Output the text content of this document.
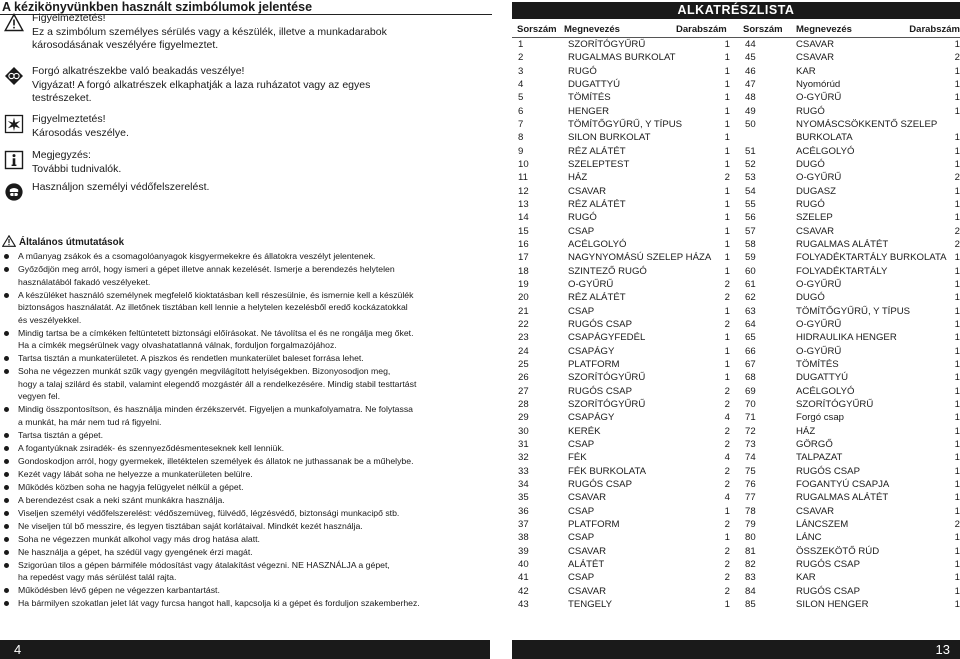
A kézikönyvünkben használt szimbólumok jelentése
Figyelmeztetés!
Ez a szimbólum személyes sérülés vagy a készülék, illetve a munkadarabok
károsodásának veszélyére figyelmeztet.
Forgó alkatrészekbe való beakadás veszélye!
Vigyázat! A forgó alkatrészek elkaphatják a laza ruházatot vagy az egyes
testrészeket.
Figyelmeztetés!
Károsodás veszélye.
Megjegyzés:
További tudnivalók.
Használjon személyi védőfelszerelést.
Általános útmutatások
A műanyag zsákok és a csomagolóanyagok kisgyermekekre és állatokra veszélyt jelentenek.
Győződjön meg arról, hogy ismeri a gépet illetve annak kezelését. Ismerje a berendezés helytelen
használatából fakadó veszélyeket.
A készüléket használó személynek megfelelő kioktatásban kell részesülnie, és ismernie kell a készülék
biztonságos használatát. Az illetőnek tisztában kell lennie a helytelen kezelésből eredő kockázatokkal
és veszélyekkel.
Mindig tartsa be a címkéken feltüntetett biztonsági előírásokat. Ne távolítsa el és ne rongálja meg őket.
Ha a címkék megsérülnek vagy olvashatatlanná válnak, forduljon forgalmazójához.
Tartsa tisztán a munkaterületet. A piszkos és rendetlen munkaterület baleset forrása lehet.
Soha ne végezzen munkát szűk vagy gyengén megvilágított helyiségekben. Bizonyosodjon meg,
hogy a talaj szilárd és stabil, valamint elegendő mozgástér áll a rendelkezésére. Mindig stabil testtartást
vegyen fel.
Mindig összpontosítson, és használja minden érzékszervét. Figyeljen a munkafolyamatra. Ne folytassa
a munkát, ha már nem tud rá figyelni.
Tartsa tisztán a gépet.
A fogantyúknak zsiradék- és szennyeződésmenteseknek kell lenniük.
Gondoskodjon arról, hogy gyermekek, illetéktelen személyek és állatok ne juthassanak be a műhelybe.
Kezét vagy lábát soha ne helyezze a munkaterületen belülre.
Működés közben soha ne hagyja felügyelet nélkül a gépet.
A berendezést csak a neki szánt munkákra használja.
Viseljen személyi védőfelszerelést: védőszemüveg, fülvédő, légzésvédő, biztonsági munkacipő stb.
Ne viseljen túl bő messzire, és legyen tisztában saját korlátaival. Mindkét kezét használja.
Soha ne végezzen munkát alkohol vagy más drog hatása alatt.
Ne használja a gépet, ha szédül vagy gyengének érzi magát.
Szigorúan tilos a gépen bármiféle módosítást vagy átalakítást végezni. NE HASZNÁLJA a gépet,
ha repedést vagy más sérülést talál rajta.
Működésben lévő gépen ne végezzen karbantartást.
Ha bármilyen szokatlan jelet lát vagy furcsa hangot hall, kapcsolja ki a gépet és forduljon szakemberhez.
4
ALKATRÉSZLISTA
Sorszám Megnevezés	Darabszám Sorszám Megnevezés	Darabszám
1	SZORÍTÓGYŰRŰ	1 44	CSAVAR	1
2	RUGALMAS BURKOLAT	1 45	CSAVAR	2
3	RUGÓ	1 46	KAR	1
4	DUGATTYÚ	1 47	Nyomórúd	1
5	TÖMÍTÉS	1 48	O-GYŰRŰ	1
6	HENGER	1 49	RUGÓ	1
7	TÖMÍTŐGYŰRŰ, Y TÍPUS	1 50	NYOMÁSCSÖKKENTŐ SZELEP
8	SILON BURKOLAT	1	BURKOLATA	1
9	RÉZ ALÁTÉT	1 51	ACÉLGOLYÓ	1
10	SZELEPTEST	1 52	DUGÓ	1
11	HÁZ	2 53	O-GYŰRŰ	2
12	CSAVAR	1 54	DUGASZ	1
13	RÉZ ALÁTÉT	1 55	RUGÓ	1
14	RUGÓ	1 56	SZELEP	1
15	CSAP	1 57	CSAVAR	2
16	ACÉLGOLYÓ	1 58	RUGALMAS ALÁTÉT	2
17	NAGYNYOMÁSÚ SZELEP HÁZA	1 59	FOLYADÉKTARTÁLY BURKOLATA 1
18	SZINTEZŐ RUGÓ	1 60	FOLYADÉKTARTÁLY	1
19	O-GYŰRŰ	2 61	O-GYŰRŰ	1
20	RÉZ ALÁTÉT	2 62	DUGÓ	1
21	CSAP	1 63	TÖMÍTŐGYŰRŰ, Y TÍPUS	1
22	RUGÓS CSAP	2 64	O-GYŰRŰ	1
23	CSAPÁGYFEDÉL	1 65	HIDRAULIKA HENGER	1
24	CSAPÁGY	1 66	O-GYŰRŰ	1
25	PLATFORM	1 67	TÖMÍTÉS	1
26	SZORÍTÓGYŰRŰ	1 68	DUGATTYÚ	1
27	RUGÓS CSAP	2 69	ACÉLGOLYÓ	1
28	SZORÍTÓGYŰRŰ	2 70	SZORÍTÓGYŰRŰ	1
29	CSAPÁGY	4 71	Forgó csap	1
30	KERÉK	2 72	HÁZ	1
31	CSAP	2 73	GÖRGŐ	1
32	FÉK	4 74	TALPAZAT	1
33	FÉK BURKOLATA	2 75	RUGÓS CSAP	1
34	RUGÓS CSAP	2 76	FOGANTYÚ CSAPJA	1
35	CSAVAR	4 77	RUGALMAS ALÁTÉT	1
36	CSAP	1 78	CSAVAR	1
37	PLATFORM	2 79	LÁNCSZEM	2
38	CSAP	1 80	LÁNC	1
39	CSAVAR	2 81	ÖSSZEKÖTŐ RÚD	1
40	ALÁTÉT	2 82	RUGÓS CSAP	1
41	CSAP	2 83	KAR	1
42	CSAVAR	2 84	RUGÓS CSAP	1
43	TENGELY	1 85	SILON HENGER	1
13
